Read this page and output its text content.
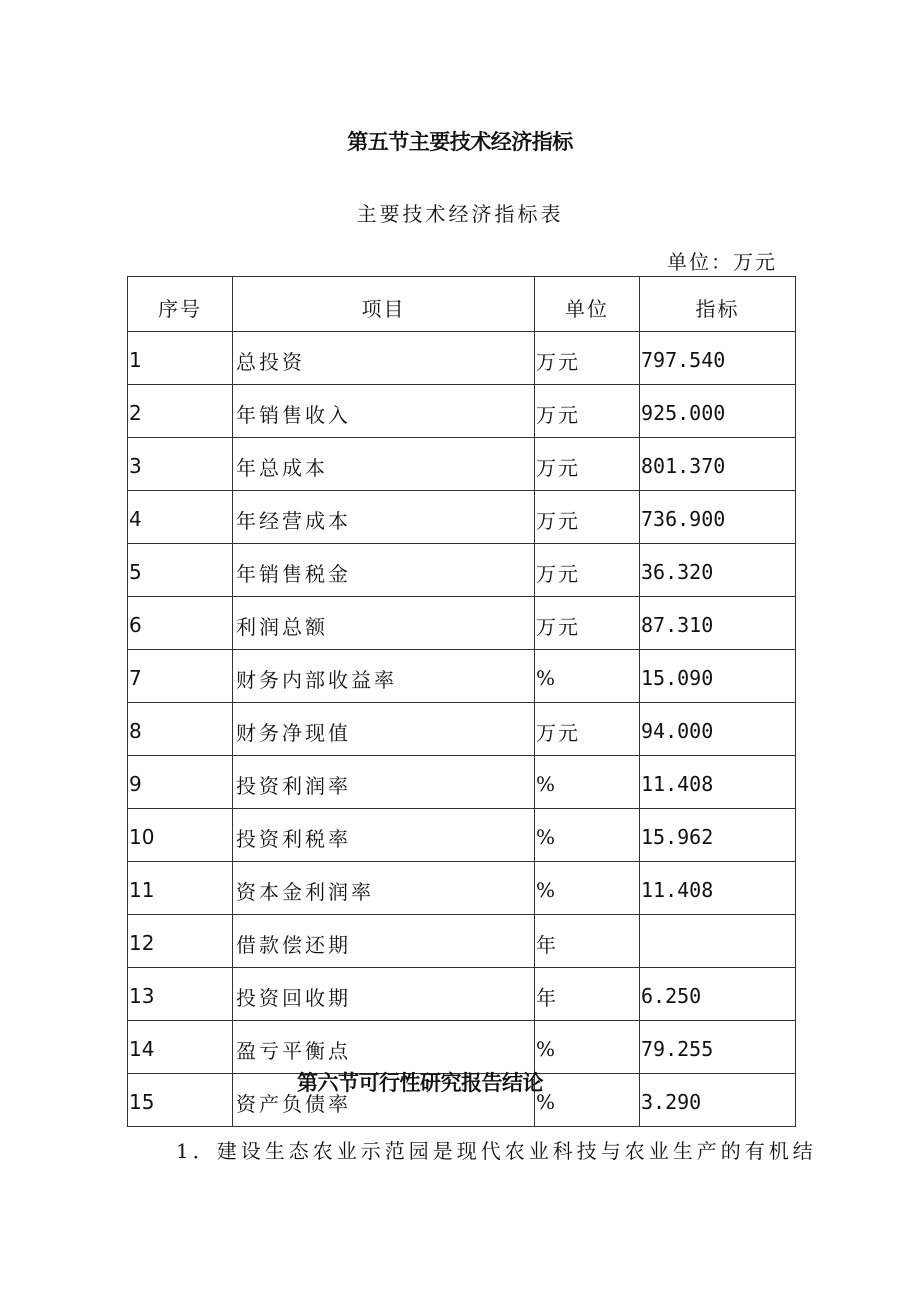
第五节主要技术经济指标
主要技术经济指标表
单位：万元
序号	项目	单位	指标
1	总投资	万元	797.540
2	年销售收入	万元	925.000
3	年总成本	万元	801.370
4	年经营成本	万元	736.900
5	年销售税金	万元	36.320
6	利润总额	万元	87.310
7	财务内部收益率	%	15.090
8	财务净现值	万元	94.000
9	投资利润率	%	11.408
10	投资利税率	%	15.962
11	资本金利润率	%	11.408
12	借款偿还期	年	
13	投资回收期	年	6.250
14	盈亏平衡点	%	79.255
15	资产负债率	%	3.290
第六节可行性研究报告结论
1．建设生态农业示范园是现代农业科技与农业生产的有机结
